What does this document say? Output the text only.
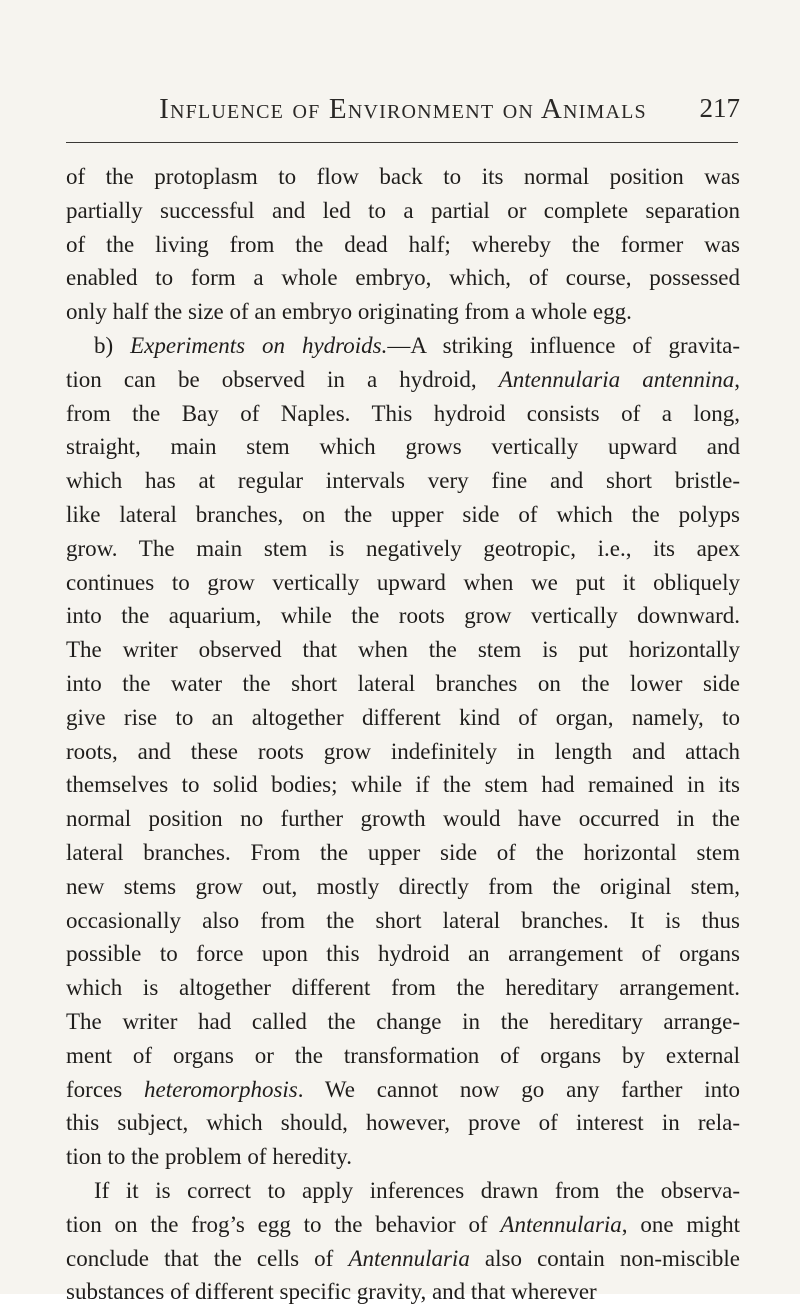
Influence of Environment on Animals	217
of the protoplasm to flow back to its normal position was
partially successful and led to a partial or complete separation
of the living from the dead half; whereby the former was
enabled to form a whole embryo, which, of course, possessed
only half the size of an embryo originating from a whole egg.
b) Experiments on hydroids.—A striking influence of gravita-
tion can be observed in a hydroid, Antennularia antennina,
from the Bay of Naples. This hydroid consists of a long,
straight, main stem which grows vertically upward and
which has at regular intervals very fine and short bristle-
like lateral branches, on the upper side of which the polyps
grow. The main stem is negatively geotropic, i.e., its apex
continues to grow vertically upward when we put it obliquely
into the aquarium, while the roots grow vertically downward.
The writer observed that when the stem is put horizontally
into the water the short lateral branches on the lower side
give rise to an altogether different kind of organ, namely, to
roots, and these roots grow indefinitely in length and attach
themselves to solid bodies; while if the stem had remained in its
normal position no further growth would have occurred in the
lateral branches. From the upper side of the horizontal stem
new stems grow out, mostly directly from the original stem,
occasionally also from the short lateral branches. It is thus
possible to force upon this hydroid an arrangement of organs
which is altogether different from the hereditary arrangement.
The writer had called the change in the hereditary arrange-
ment of organs or the transformation of organs by external
forces heteromorphosis. We cannot now go any farther into
this subject, which should, however, prove of interest in rela-
tion to the problem of heredity.
If it is correct to apply inferences drawn from the observa-
tion on the frog’s egg to the behavior of Antennularia, one might
conclude that the cells of Antennularia also contain non-miscible
substances of different specific gravity, and that wherever
